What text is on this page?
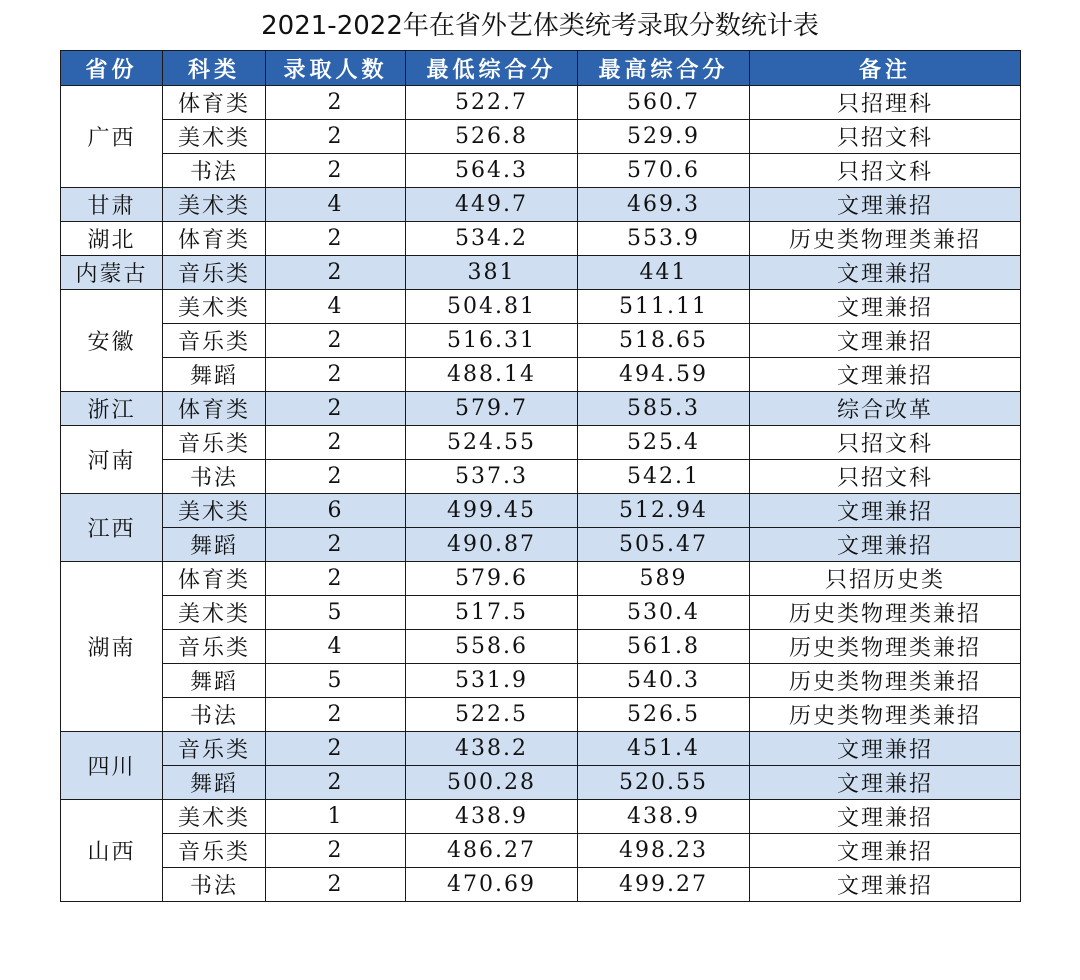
2021-2022年在省外艺体类统考录取分数统计表
省份	科类	录取人数	最低综合分	最高综合分	备注
广西	体育类	2	522.7	560.7	只招理科
	美术类	2	526.8	529.9	只招文科
	书法	2	564.3	570.6	只招文科
甘肃	美术类	4	449.7	469.3	文理兼招
湖北	体育类	2	534.2	553.9	历史类物理类兼招
内蒙古	音乐类	2	381	441	文理兼招
安徽	美术类	4	504.81	511.11	文理兼招
	音乐类	2	516.31	518.65	文理兼招
	舞蹈	2	488.14	494.59	文理兼招
浙江	体育类	2	579.7	585.3	综合改革
河南	音乐类	2	524.55	525.4	只招文科
	书法	2	537.3	542.1	只招文科
江西	美术类	6	499.45	512.94	文理兼招
	舞蹈	2	490.87	505.47	文理兼招
湖南	体育类	2	579.6	589	只招历史类
	美术类	5	517.5	530.4	历史类物理类兼招
	音乐类	4	558.6	561.8	历史类物理类兼招
	舞蹈	5	531.9	540.3	历史类物理类兼招
	书法	2	522.5	526.5	历史类物理类兼招
四川	音乐类	2	438.2	451.4	文理兼招
	舞蹈	2	500.28	520.55	文理兼招
山西	美术类	1	438.9	438.9	文理兼招
	音乐类	2	486.27	498.23	文理兼招
	书法	2	470.69	499.27	文理兼招
